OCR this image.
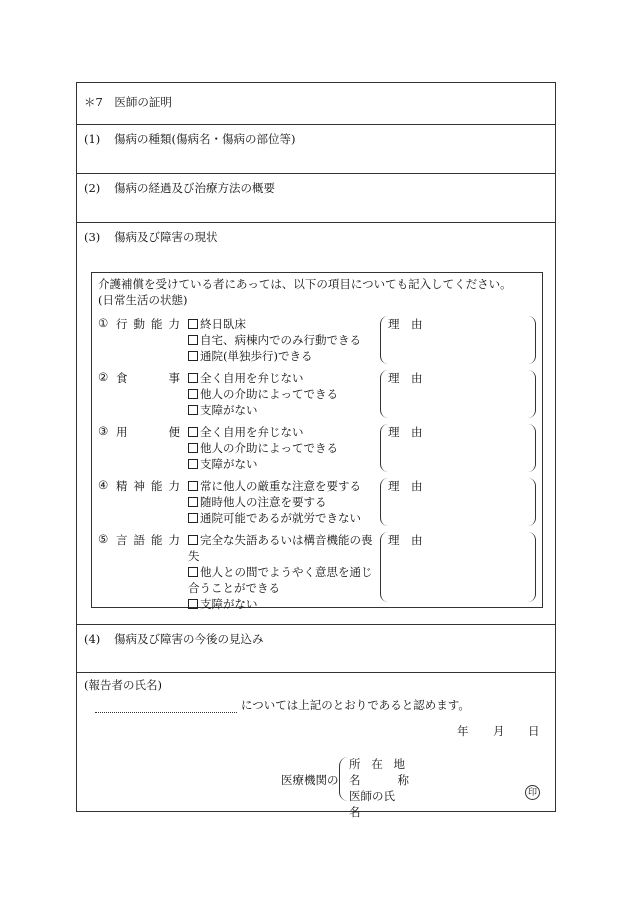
＊7　医師の証明
(1) 傷病の種類(傷病名・傷病の部位等)
(2) 傷病の経過及び治療方法の概要
(3) 傷病及び障害の現状
(4) 傷病及び障害の今後の見込み
介護補償を受けている者にあっては、以下の項目についても記入してください。
(日常生活の状態)
① 行動能力	終日臥床
自宅、病棟内でのみ行動できる
通院(単独歩行)できる
理　由
② 食事	全く自用を弁じない
他人の介助によってできる
支障がない
理　由
③ 用便	全く自用を弁じない
他人の介助によってできる
支障がない
理　由
④ 精神能力	常に他人の厳重な注意を要する
随時他人の注意を要する
通院可能であるが就労できない
理　由
⑤ 言語能力	完全な失語あるいは構音機能の喪失
他人との間でようやく意思を通じ合うことができる
支障がない
理　由
(報告者の氏名)
については上記のとおりであると認めます。
年 月 日
医療機関の
所在地
名称
医師の氏名
印
